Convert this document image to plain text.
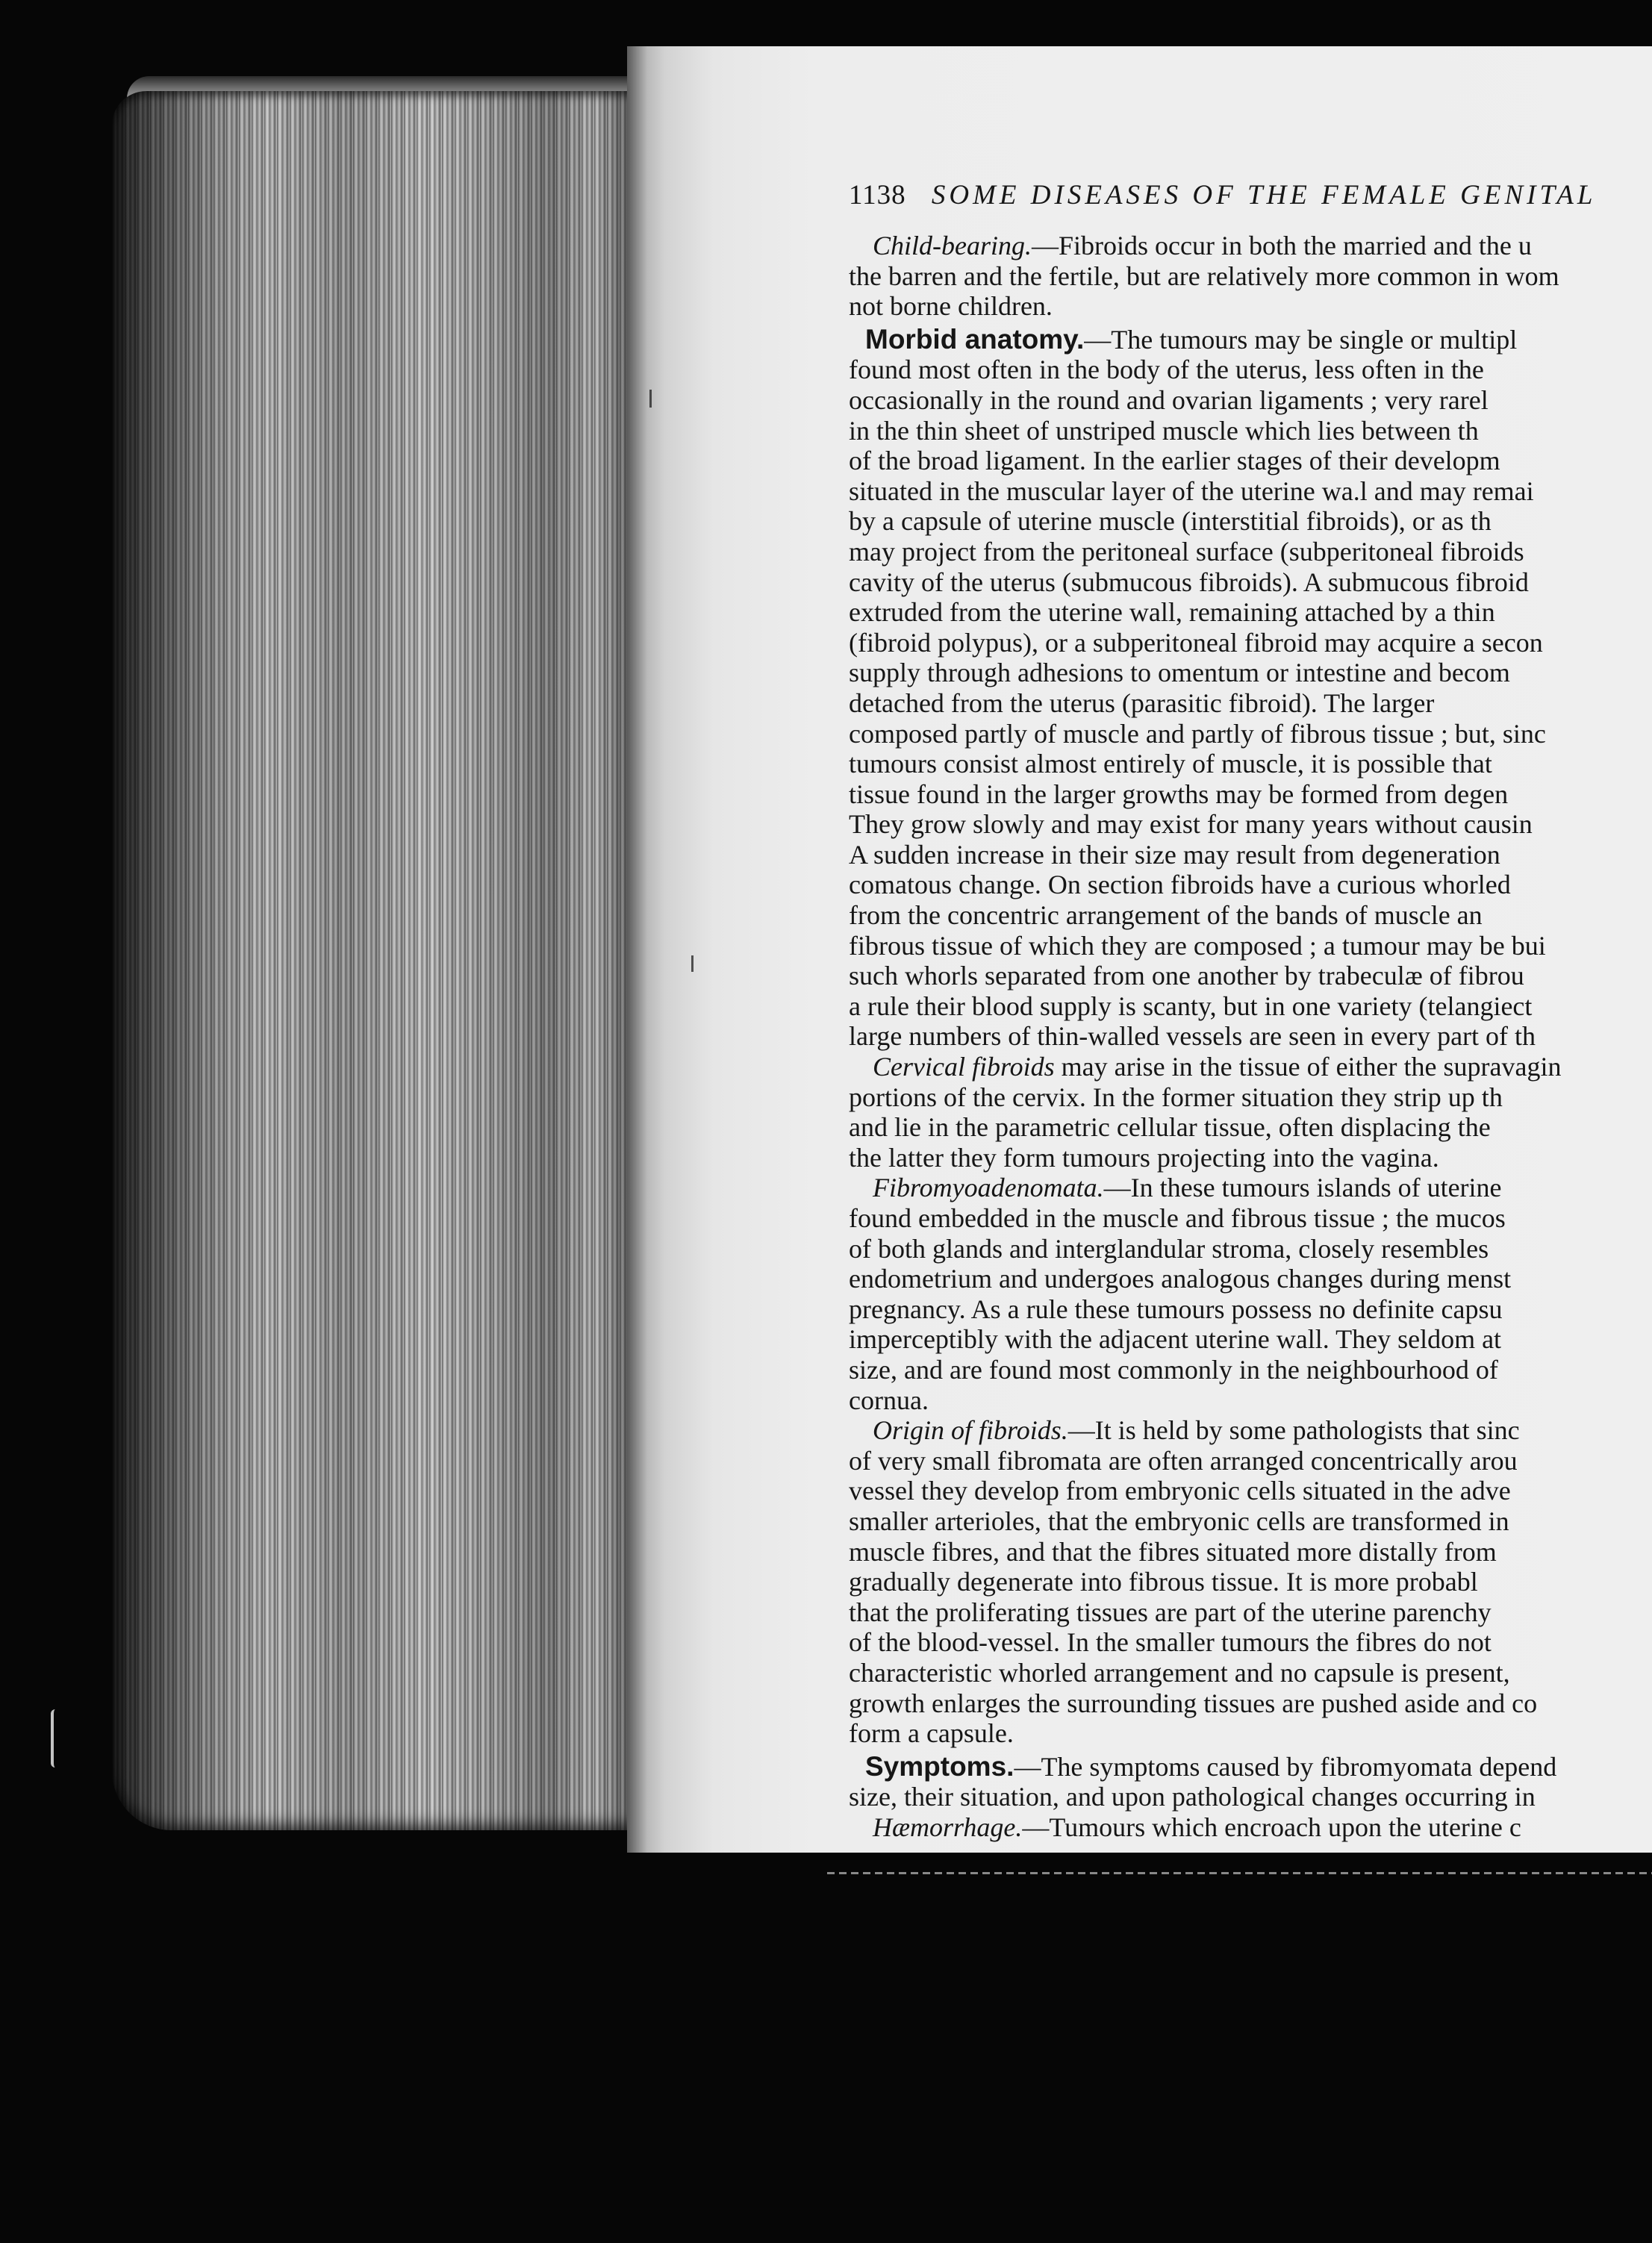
1138 SOME DISEASES OF THE FEMALE GENITAL
Child-bearing.—Fibroids occur in both the married and the u
the barren and the fertile, but are relatively more common in wom
not borne children.
Morbid anatomy.—The tumours may be single or multipl
found most often in the body of the uterus, less often in the
occasionally in the round and ovarian ligaments ; very rarel
in the thin sheet of unstriped muscle which lies between th
of the broad ligament. In the earlier stages of their developm
situated in the muscular layer of the uterine wa.l and may remai
by a capsule of uterine muscle (interstitial fibroids), or as th
may project from the peritoneal surface (subperitoneal fibroids
cavity of the uterus (submucous fibroids). A submucous fibroid
extruded from the uterine wall, remaining attached by a thin
(fibroid polypus), or a subperitoneal fibroid may acquire a secon
supply through adhesions to omentum or intestine and becom
detached from the uterus (parasitic fibroid). The larger
composed partly of muscle and partly of fibrous tissue ; but, sinc
tumours consist almost entirely of muscle, it is possible that
tissue found in the larger growths may be formed from degen
They grow slowly and may exist for many years without causin
A sudden increase in their size may result from degeneration
comatous change. On section fibroids have a curious whorled
from the concentric arrangement of the bands of muscle an
fibrous tissue of which they are composed ; a tumour may be bui
such whorls separated from one another by trabeculæ of fibrou
a rule their blood supply is scanty, but in one variety (telangiect
large numbers of thin-walled vessels are seen in every part of th
Cervical fibroids may arise in the tissue of either the supravagin
portions of the cervix. In the former situation they strip up th
and lie in the parametric cellular tissue, often displacing the
the latter they form tumours projecting into the vagina.
Fibromyoadenomata.—In these tumours islands of uterine
found embedded in the muscle and fibrous tissue ; the mucos
of both glands and interglandular stroma, closely resembles
endometrium and undergoes analogous changes during menst
pregnancy. As a rule these tumours possess no definite capsu
imperceptibly with the adjacent uterine wall. They seldom at
size, and are found most commonly in the neighbourhood of
cornua.
Origin of fibroids.—It is held by some pathologists that sinc
of very small fibromata are often arranged concentrically arou
vessel they develop from embryonic cells situated in the adve
smaller arterioles, that the embryonic cells are transformed in
muscle fibres, and that the fibres situated more distally from
gradually degenerate into fibrous tissue. It is more probabl
that the proliferating tissues are part of the uterine parenchy
of the blood-vessel. In the smaller tumours the fibres do not
characteristic whorled arrangement and no capsule is present,
growth enlarges the surrounding tissues are pushed aside and co
form a capsule.
Symptoms.—The symptoms caused by fibromyomata depend
size, their situation, and upon pathological changes occurring in
Hæmorrhage.—Tumours which encroach upon the uterine c
